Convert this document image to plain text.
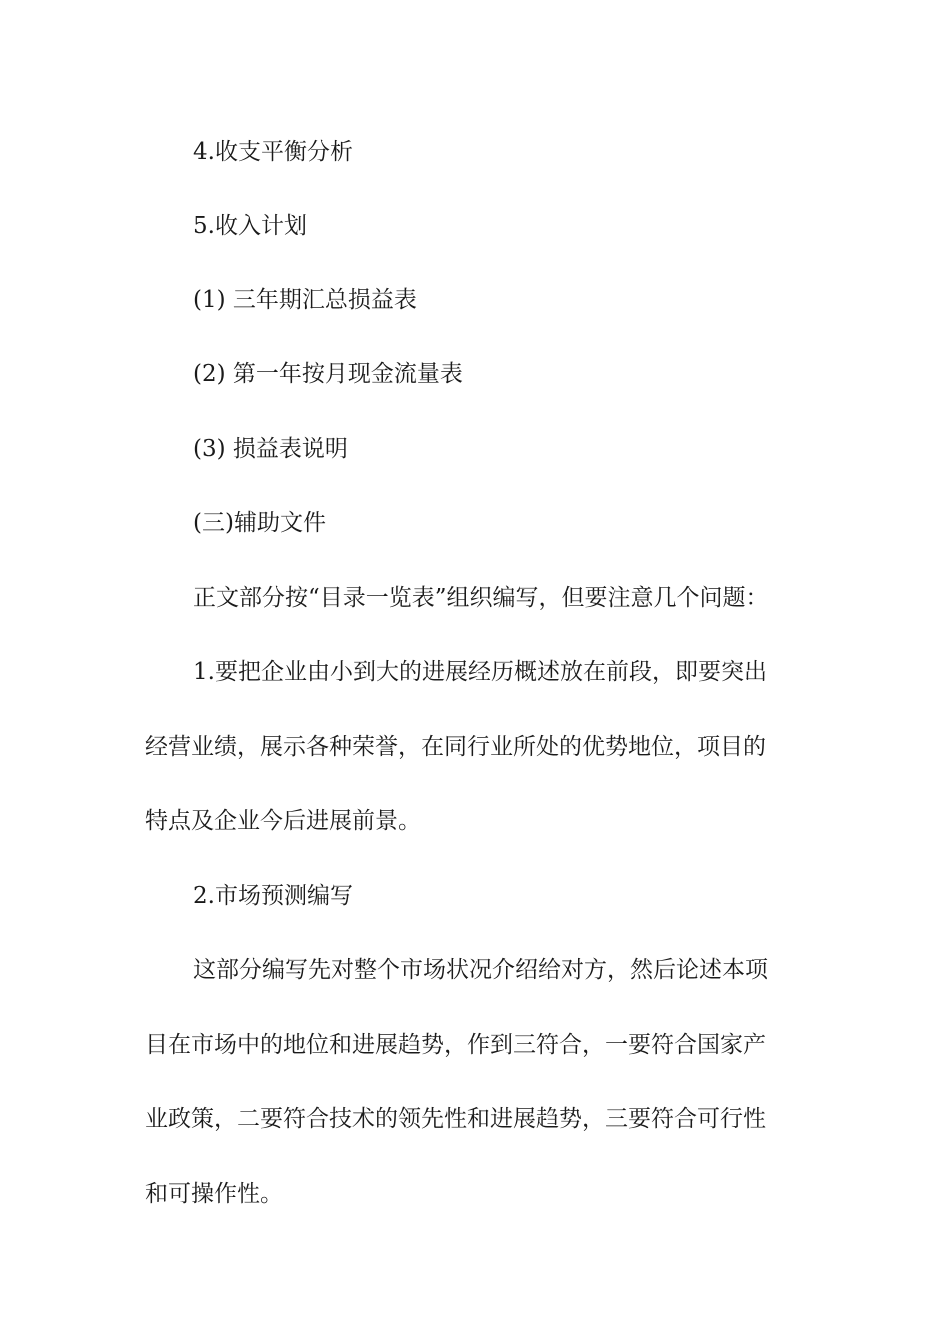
4.收支平衡分析

5.收入计划

(1) 三年期汇总损益表

(2) 第一年按月现金流量表

(3) 损益表说明

(三)辅助文件

正文部分按“目录一览表”组织编写，但要注意几个问题：

1.要把企业由小到大的进展经历概述放在前段，即要突出

经营业绩，展示各种荣誉，在同行业所处的优势地位，项目的

特点及企业今后进展前景。

2.市场预测编写

这部分编写先对整个市场状况介绍给对方，然后论述本项

目在市场中的地位和进展趋势，作到三符合，一要符合国家产

业政策，二要符合技术的领先性和进展趋势，三要符合可行性

和可操作性。
